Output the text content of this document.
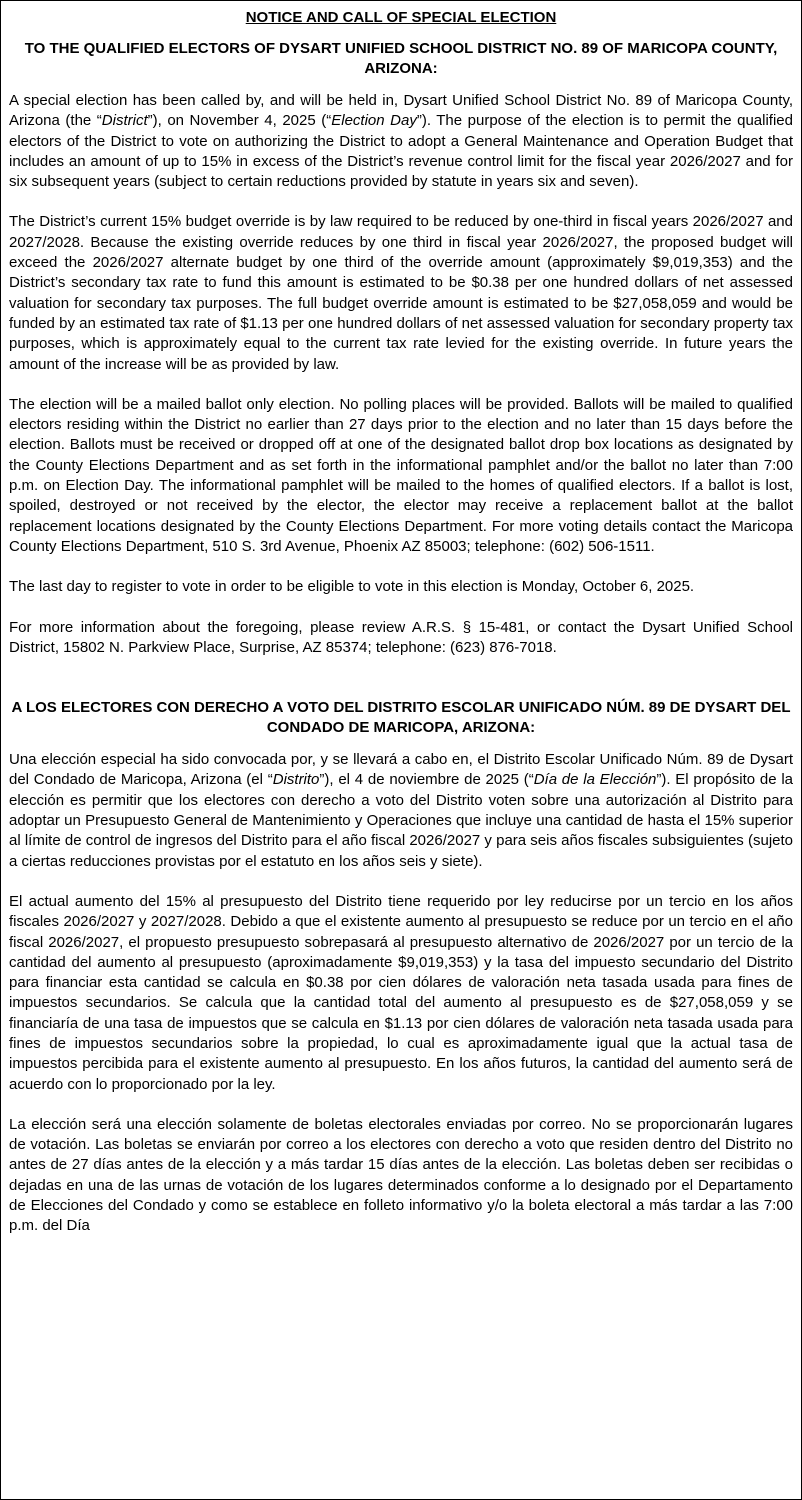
NOTICE AND CALL OF SPECIAL ELECTION
TO THE QUALIFIED ELECTORS OF DYSART UNIFIED SCHOOL DISTRICT NO. 89 OF MARICOPA COUNTY, ARIZONA:

A special election has been called by, and will be held in, Dysart Unified School District No. 89 of Maricopa County, Arizona (the “District”), on November 4, 2025 (“Election Day”). The purpose of the election is to permit the qualified electors of the District to vote on authorizing the District to adopt a General Maintenance and Operation Budget that includes an amount of up to 15% in excess of the District’s revenue control limit for the fiscal year 2026/2027 and for six subsequent years (subject to certain reductions provided by statute in years six and seven).

The District’s current 15% budget override is by law required to be reduced by one-third in fiscal years 2026/2027 and 2027/2028. Because the existing override reduces by one third in fiscal year 2026/2027, the proposed budget will exceed the 2026/2027 alternate budget by one third of the override amount (approximately $9,019,353) and the District’s secondary tax rate to fund this amount is estimated to be $0.38 per one hundred dollars of net assessed valuation for secondary tax purposes. The full budget override amount is estimated to be $27,058,059 and would be funded by an estimated tax rate of $1.13 per one hundred dollars of net assessed valuation for secondary property tax purposes, which is approximately equal to the current tax rate levied for the existing override. In future years the amount of the increase will be as provided by law.

The election will be a mailed ballot only election. No polling places will be provided. Ballots will be mailed to qualified electors residing within the District no earlier than 27 days prior to the election and no later than 15 days before the election. Ballots must be received or dropped off at one of the designated ballot drop box locations as designated by the County Elections Department and as set forth in the informational pamphlet and/or the ballot no later than 7:00 p.m. on Election Day. The informational pamphlet will be mailed to the homes of qualified electors. If a ballot is lost, spoiled, destroyed or not received by the elector, the elector may receive a replacement ballot at the ballot replacement locations designated by the County Elections Department. For more voting details contact the Maricopa County Elections Department, 510 S. 3rd Avenue, Phoenix AZ 85003; telephone: (602) 506-1511.

The last day to register to vote in order to be eligible to vote in this election is Monday, October 6, 2025.

For more information about the foregoing, please review A.R.S. § 15-481, or contact the Dysart Unified School District, 15802 N. Parkview Place, Surprise, AZ 85374; telephone: (623) 876-7018.

A LOS ELECTORES CON DERECHO A VOTO DEL DISTRITO ESCOLAR UNIFICADO NÚM. 89 DE DYSART DEL CONDADO DE MARICOPA, ARIZONA:

Una elección especial ha sido convocada por, y se llevará a cabo en, el Distrito Escolar Unificado Núm. 89 de Dysart del Condado de Maricopa, Arizona (el “Distrito”), el 4 de noviembre de 2025 (“Día de la Elección”). El propósito de la elección es permitir que los electores con derecho a voto del Distrito voten sobre una autorización al Distrito para adoptar un Presupuesto General de Mantenimiento y Operaciones que incluye una cantidad de hasta el 15% superior al límite de control de ingresos del Distrito para el año fiscal 2026/2027 y para seis años fiscales subsiguientes (sujeto a ciertas reducciones provistas por el estatuto en los años seis y siete).

El actual aumento del 15% al presupuesto del Distrito tiene requerido por ley reducirse por un tercio en los años fiscales 2026/2027 y 2027/2028. Debido a que el existente aumento al presupuesto se reduce por un tercio en el año fiscal 2026/2027, el propuesto presupuesto sobrepasará al presupuesto alternativo de 2026/2027 por un tercio de la cantidad del aumento al presupuesto (aproximadamente $9,019,353) y la tasa del impuesto secundario del Distrito para financiar esta cantidad se calcula en $0.38 por cien dólares de valoración neta tasada usada para fines de impuestos secundarios. Se calcula que la cantidad total del aumento al presupuesto es de $27,058,059 y se financiaría de una tasa de impuestos que se calcula en $1.13 por cien dólares de valoración neta tasada usada para fines de impuestos secundarios sobre la propiedad, lo cual es aproximadamente igual que la actual tasa de impuestos percibida para el existente aumento al presupuesto. En los años futuros, la cantidad del aumento será de acuerdo con lo proporcionado por la ley.

La elección será una elección solamente de boletas electorales enviadas por correo. No se proporcionarán lugares de votación. Las boletas se enviarán por correo a los electores con derecho a voto que residen dentro del Distrito no antes de 27 días antes de la elección y a más tardar 15 días antes de la elección. Las boletas deben ser recibidas o dejadas en una de las urnas de votación de los lugares determinados conforme a lo designado por el Departamento de Elecciones del Condado y como se establece en folleto informativo y/o la boleta electoral a más tardar a las 7:00 p.m. del Día
